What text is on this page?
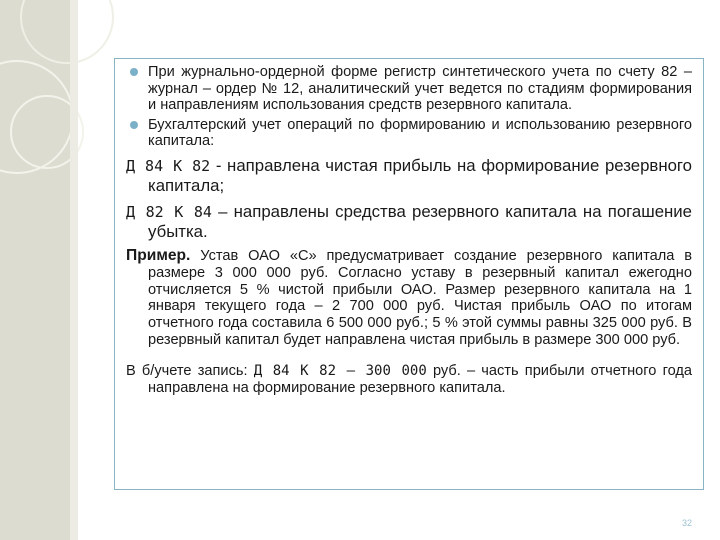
При журнально-ордерной форме регистр синтетического учета по счету 82 – журнал – ордер № 12, аналитический учет ведется по стадиям формирования и направлениям использования средств резервного капитала.

Бухгалтерский учет операций по формированию и использованию резервного капитала:

Д 84 К 82 - направлена чистая прибыль на формирование резервного капитала;

Д 82 К 84 – направлены средства резервного капитала на погашение убытка.

Пример. Устав ОАО «С» предусматривает создание резервного капитала в размере 3 000 000 руб. Согласно уставу в резервный капитал ежегодно отчисляется 5 % чистой прибыли ОАО. Размер резервного капитала на 1 января текущего года – 2 700 000 руб. Чистая прибыль ОАО по итогам отчетного года составила 6 500 000 руб.; 5 % этой суммы равны 325 000 руб. В резервный капитал будет направлена чистая прибыль в размере 300 000 руб.

В б/учете запись: Д 84 К 82 – 300 000 руб. – часть прибыли отчетного года направлена на формирование резервного капитала.

32
